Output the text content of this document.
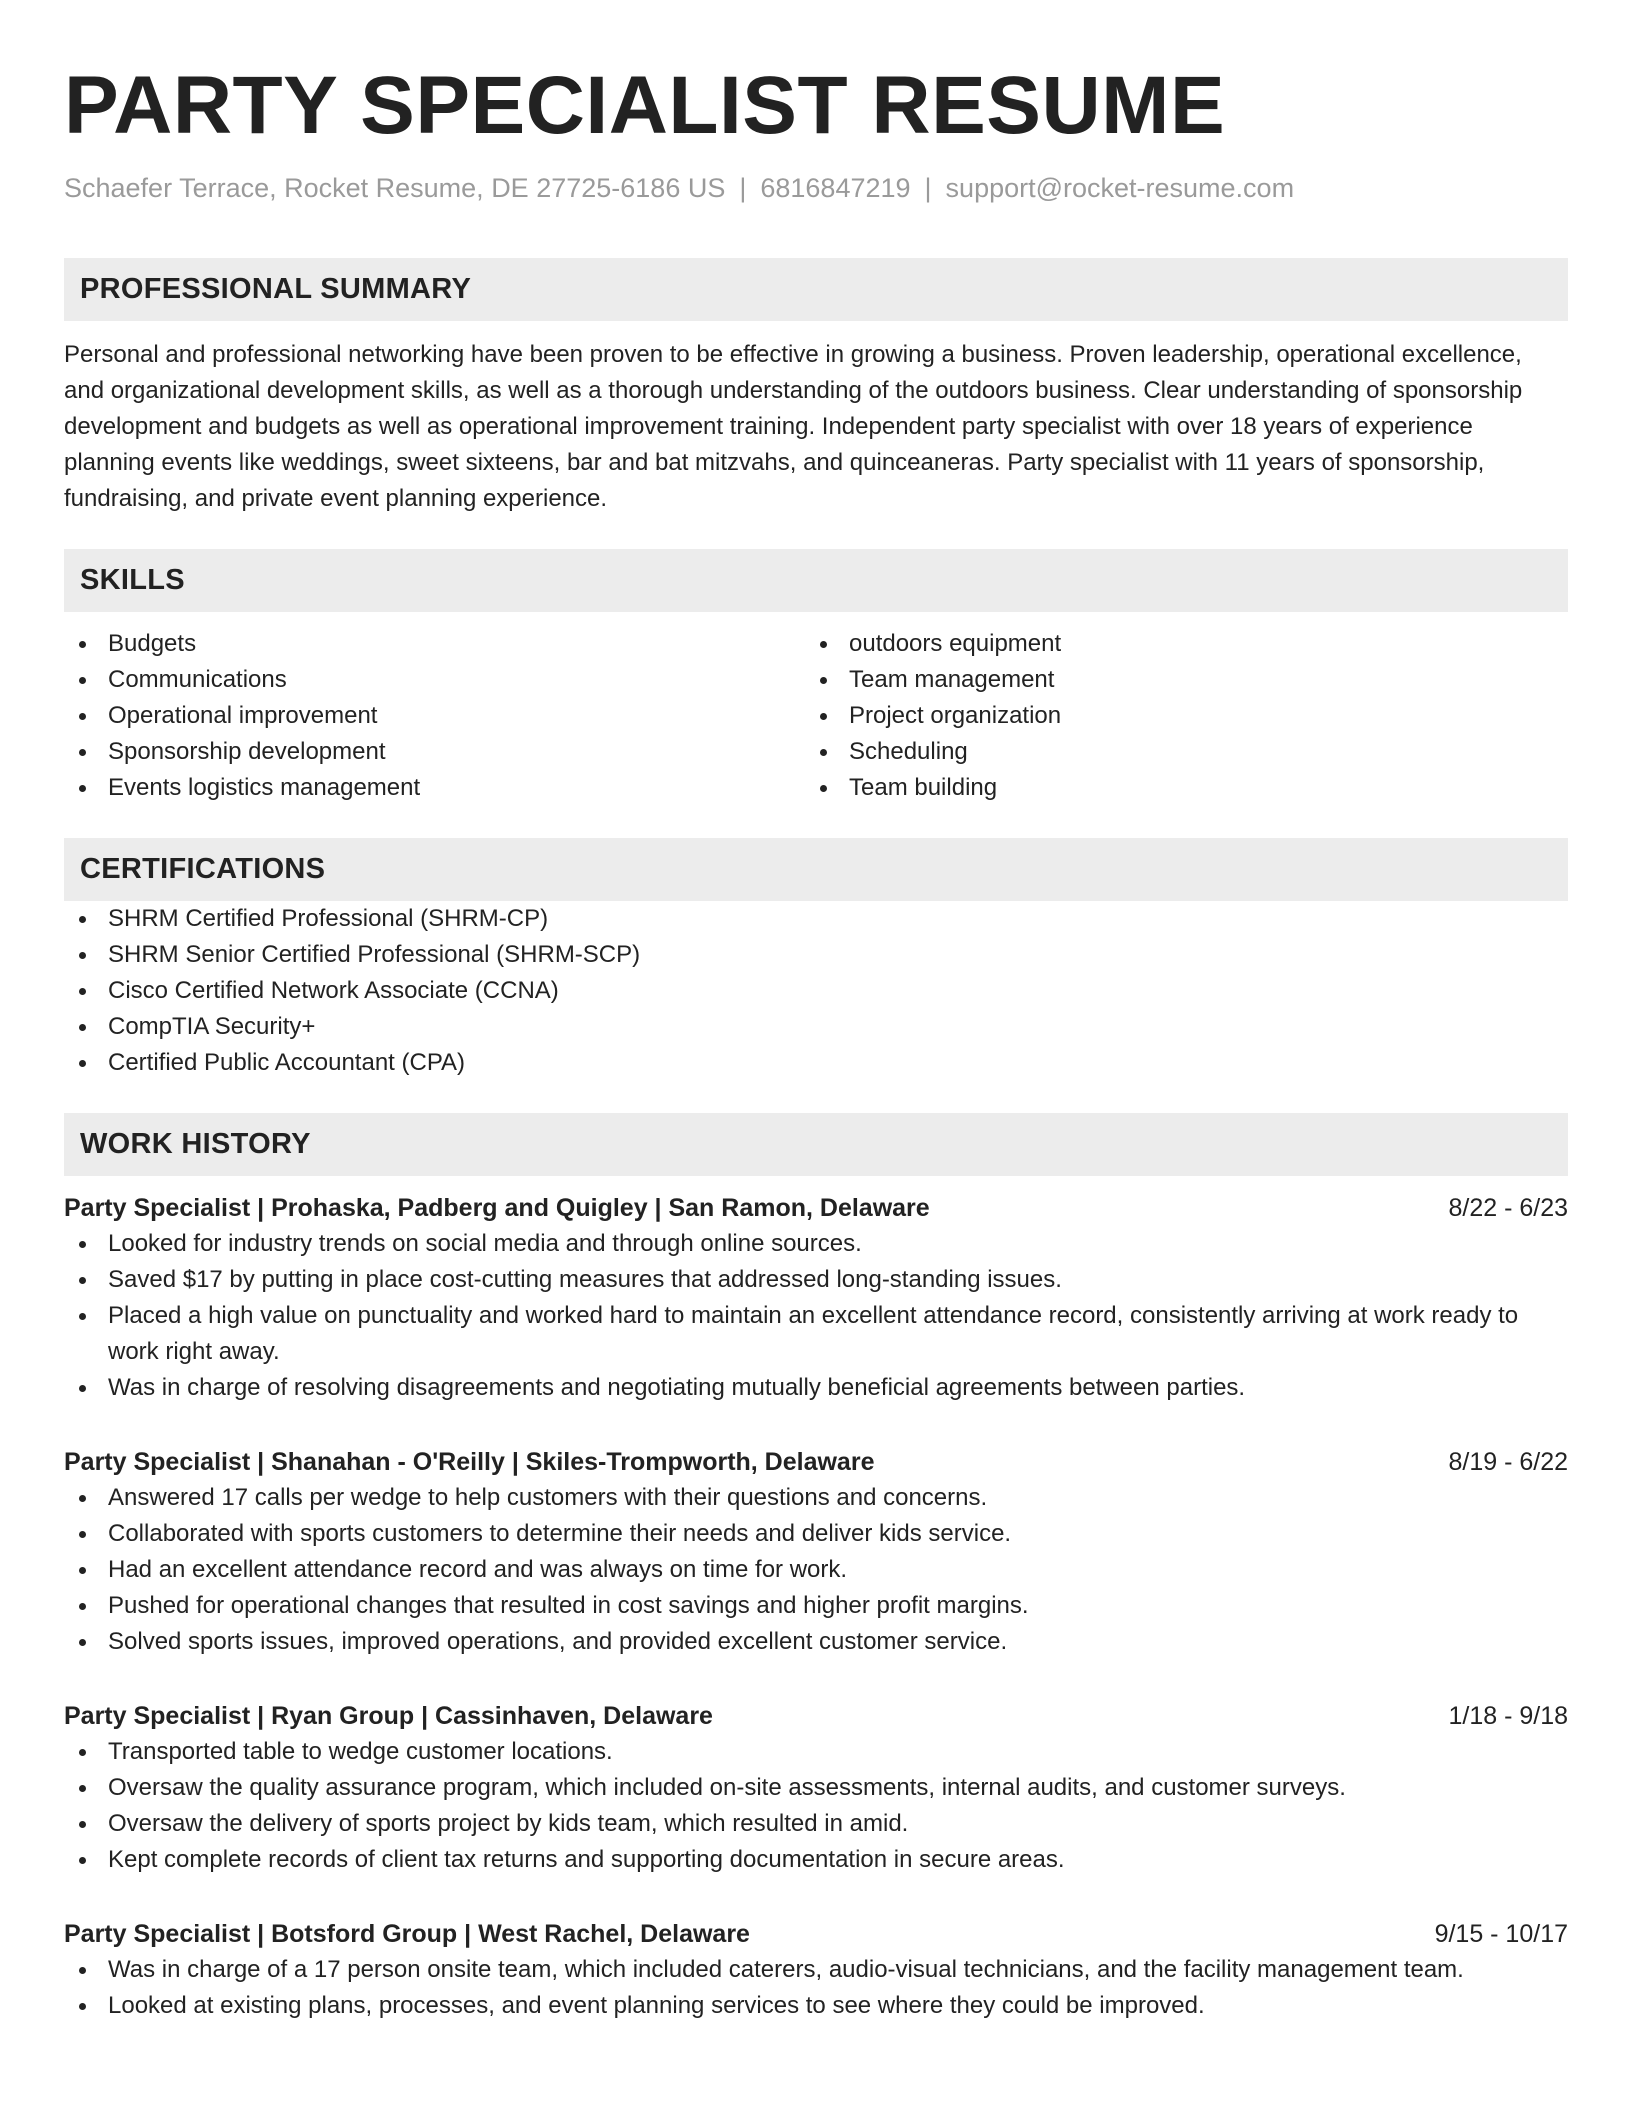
PARTY SPECIALIST RESUME
Schaefer Terrace, Rocket Resume, DE 27725-6186 US | 6816847219 | support@rocket-resume.com
PROFESSIONAL SUMMARY
Personal and professional networking have been proven to be effective in growing a business. Proven leadership, operational excellence, and organizational development skills, as well as a thorough understanding of the outdoors business. Clear understanding of sponsorship development and budgets as well as operational improvement training. Independent party specialist with over 18 years of experience planning events like weddings, sweet sixteens, bar and bat mitzvahs, and quinceaneras. Party specialist with 11 years of sponsorship, fundraising, and private event planning experience.
SKILLS
Budgets
Communications
Operational improvement
Sponsorship development
Events logistics management
outdoors equipment
Team management
Project organization
Scheduling
Team building
CERTIFICATIONS
SHRM Certified Professional (SHRM-CP)
SHRM Senior Certified Professional (SHRM-SCP)
Cisco Certified Network Associate (CCNA)
CompTIA Security+
Certified Public Accountant (CPA)
WORK HISTORY
Party Specialist | Prohaska, Padberg and Quigley | San Ramon, Delaware	8/22 - 6/23
Looked for industry trends on social media and through online sources.
Saved $17 by putting in place cost-cutting measures that addressed long-standing issues.
Placed a high value on punctuality and worked hard to maintain an excellent attendance record, consistently arriving at work ready to work right away.
Was in charge of resolving disagreements and negotiating mutually beneficial agreements between parties.
Party Specialist | Shanahan - O'Reilly | Skiles-Trompworth, Delaware	8/19 - 6/22
Answered 17 calls per wedge to help customers with their questions and concerns.
Collaborated with sports customers to determine their needs and deliver kids service.
Had an excellent attendance record and was always on time for work.
Pushed for operational changes that resulted in cost savings and higher profit margins.
Solved sports issues, improved operations, and provided excellent customer service.
Party Specialist | Ryan Group | Cassinhaven, Delaware	1/18 - 9/18
Transported table to wedge customer locations.
Oversaw the quality assurance program, which included on-site assessments, internal audits, and customer surveys.
Oversaw the delivery of sports project by kids team, which resulted in amid.
Kept complete records of client tax returns and supporting documentation in secure areas.
Party Specialist | Botsford Group | West Rachel, Delaware	9/15 - 10/17
Was in charge of a 17 person onsite team, which included caterers, audio-visual technicians, and the facility management team.
Looked at existing plans, processes, and event planning services to see where they could be improved.
